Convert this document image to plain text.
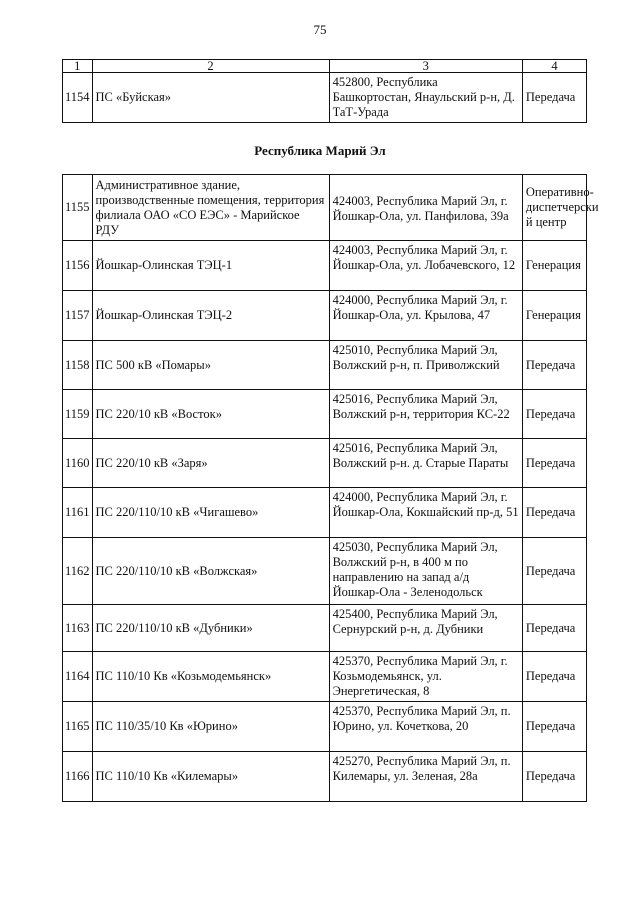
75
1	2	3	4
1154	ПС «Буйская»	452800, Республика Башкортостан, Янаульский р-н, Д. ТаТ-Урада	Передача
Республика Марий Эл
1155	Административное здание, производственные помещения, территория филиала ОАО «СО ЕЭС» - Марийское РДУ	424003, Республика Марий Эл, г. Йошкар-Ола, ул. Панфилова, 39а	Оперативно-диспетчерски й центр
1156	Йошкар-Олинская ТЭЦ-1	424003, Республика Марий Эл, г. Йошкар-Ола, ул. Лобачевского, 12	Генерация
1157	Йошкар-Олинская ТЭЦ-2	424000, Республика Марий Эл, г. Йошкар-Ола, ул. Крылова, 47	Генерация
1158	ПС 500 кВ «Помары»	425010, Республика Марий Эл, Волжский р-н, п. Приволжский	Передача
1159	ПС 220/10 кВ «Восток»	425016, Республика Марий Эл, Волжский р-н, территория КС-22	Передача
1160	ПС 220/10 кВ «Заря»	425016, Республика Марий Эл, Волжский р-н. д. Старые Параты	Передача
1161	ПС 220/110/10 кВ «Чигашево»	424000, Республика Марий Эл, г. Йошкар-Ола, Кокшайский пр-д, 51	Передача
1162	ПС 220/110/10 кВ «Волжская»	425030, Республика Марий Эл, Волжский р-н, в 400 м по направлению на запад а/д Йошкар-Ола - Зеленодольск	Передача
1163	ПС 220/110/10 кВ «Дубники»	425400, Республика Марий Эл, Сернурский р-н, д. Дубники	Передача
1164	ПС 110/10 Кв «Козьмодемьянск»	425370, Республика Марий Эл, г. Козьмодемьянск, ул. Энергетическая, 8	Передача
1165	ПС 110/35/10 Кв «Юрино»	425370, Республика Марий Эл, п. Юрино, ул. Кочеткова, 20	Передача
1166	ПС 110/10 Кв «Килемары»	425270, Республика Марий Эл, п. Килемары, ул. Зеленая, 28а	Передача
